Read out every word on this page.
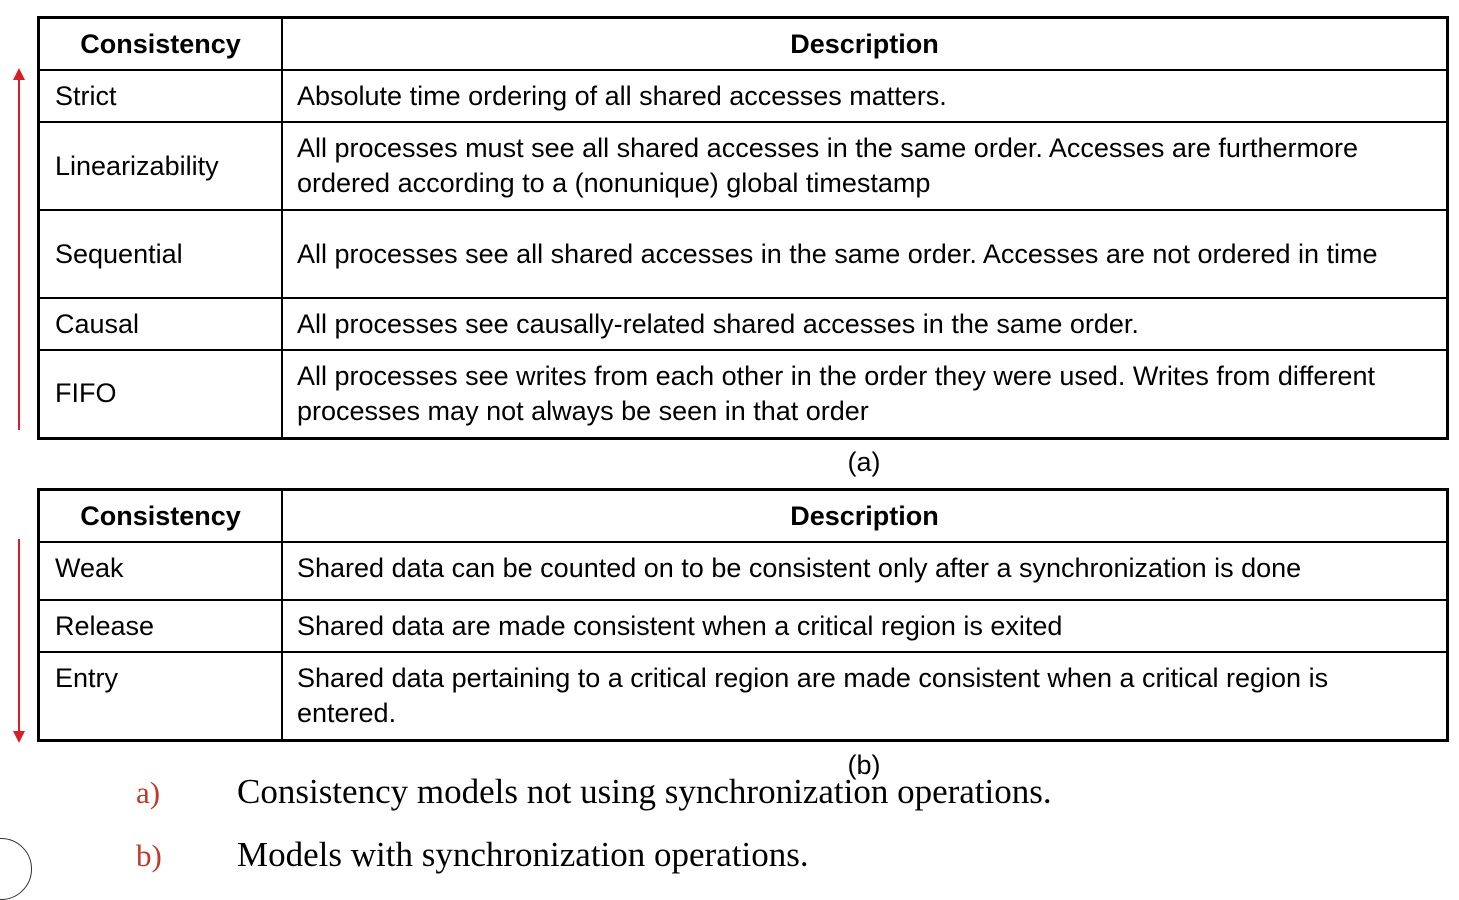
Consistency	Description
Strict	Absolute time ordering of all shared accesses matters.
Linearizability	All processes must see all shared accesses in the same order. Accesses are furthermore ordered according to a (nonunique) global timestamp
Sequential	All processes see all shared accesses in the same order. Accesses are not ordered in time
Causal	All processes see causally-related shared accesses in the same order.
FIFO	All processes see writes from each other in the order they were used. Writes from different processes may not always be seen in that order
(a)
Consistency	Description
Weak	Shared data can be counted on to be consistent only after a synchronization is done
Release	Shared data are made consistent when a critical region is exited
Entry	Shared data pertaining to a critical region are made consistent when a critical region is entered.
(b)
a) Consistency models not using synchronization operations.
b) Models with synchronization operations.
